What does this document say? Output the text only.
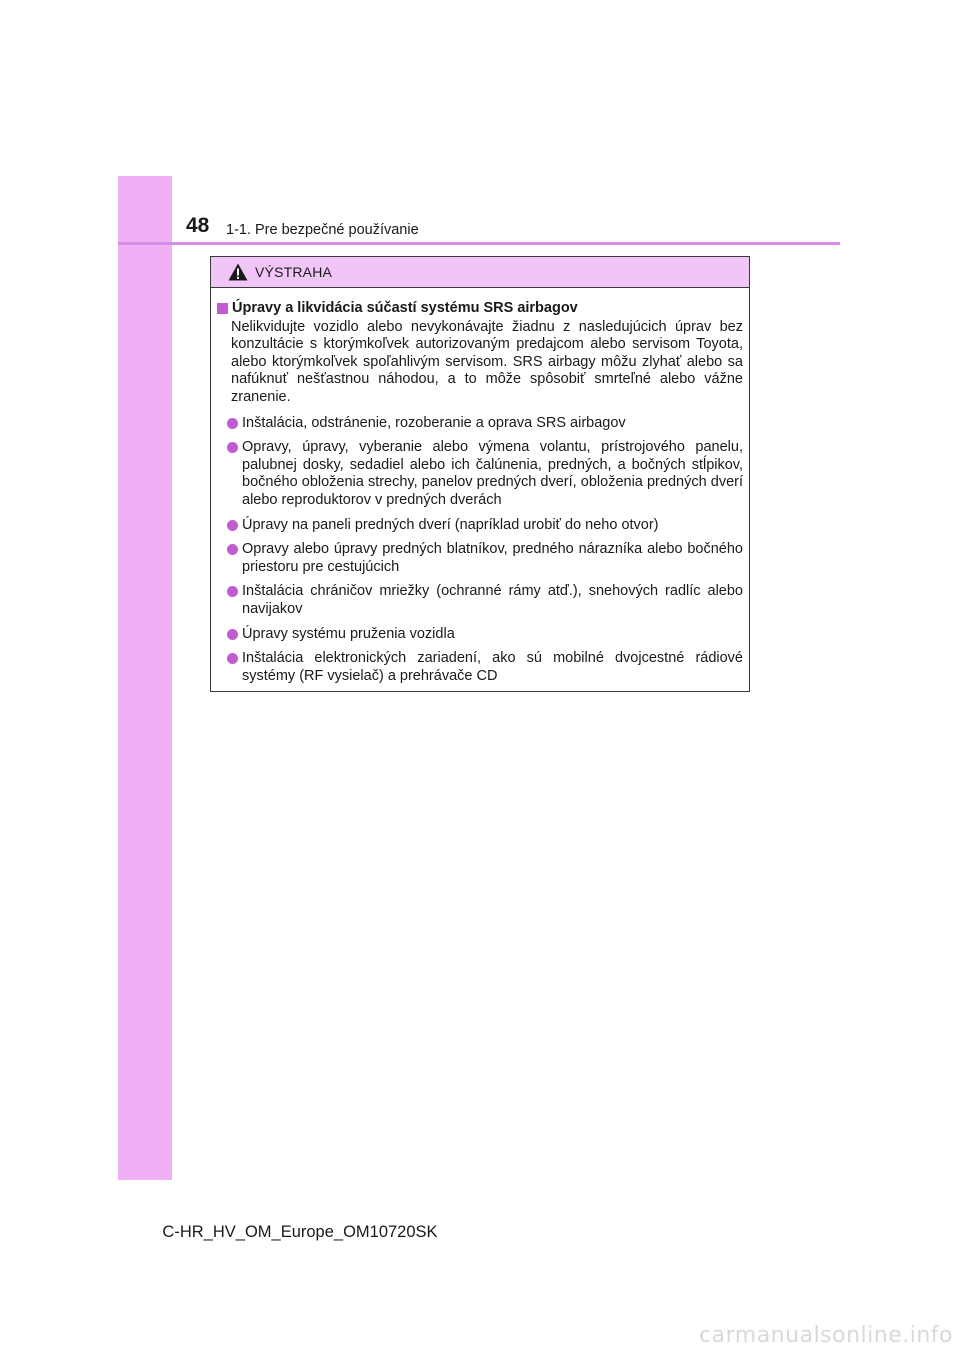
48 1-1. Pre bezpečné používanie
VÝSTRAHA
Úpravy a likvidácia súčastí systému SRS airbagov
Nelikvidujte vozidlo alebo nevykonávajte žiadnu z nasledujúcich úprav bez konzultácie s ktorýmkoľvek autorizovaným predajcom alebo servisom Toyota, alebo ktorýmkoľvek spoľahlivým servisom. SRS airbagy môžu zlyhať alebo sa nafúknuť nešťastnou náhodou, a to môže spôsobiť smrteľné alebo vážne zranenie.
Inštalácia, odstránenie, rozoberanie a oprava SRS airbagov
Opravy, úpravy, vyberanie alebo výmena volantu, prístrojového panelu, palubnej dosky, sedadiel alebo ich čalúnenia, predných, a bočných stĺpikov, bočného obloženia strechy, panelov predných dverí, obloženia predných dverí alebo reproduktorov v predných dverách
Úpravy na paneli predných dverí (napríklad urobiť do neho otvor)
Opravy alebo úpravy predných blatníkov, predného nárazníka alebo bočného priestoru pre cestujúcich
Inštalácia chráničov mriežky (ochranné rámy atď.), snehových radlíc alebo navijakov
Úpravy systému pruženia vozidla
Inštalácia elektronických zariadení, ako sú mobilné dvojcestné rádiové systémy (RF vysielač) a prehrávače CD
C-HR_HV_OM_Europe_OM10720SK
carmanualsonline.info
